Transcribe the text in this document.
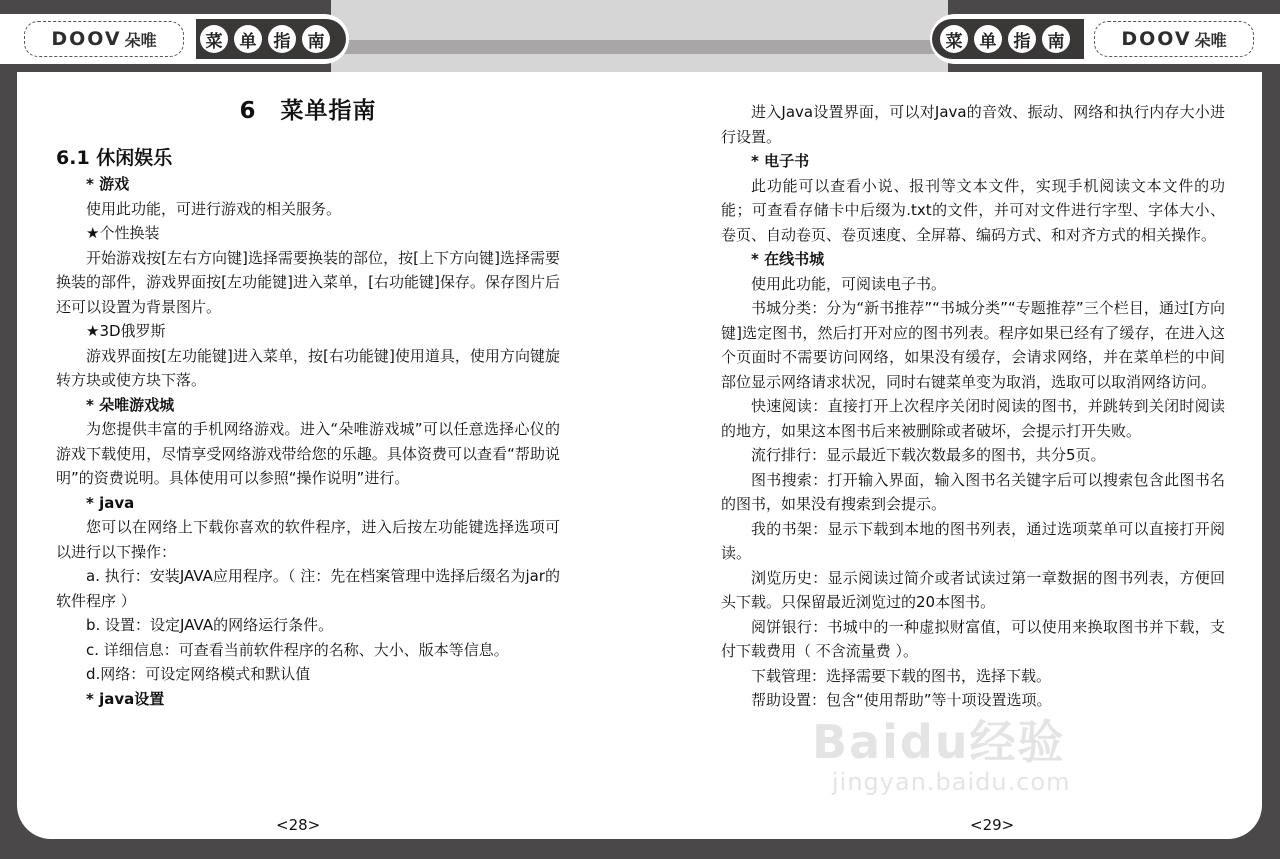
DOOV 朵唯	菜	单	指	南	菜	单	指	南	DOOV 朵唯
6　菜单指南
6.1 休闲娱乐
* 游戏

使用此功能，可进行游戏的相关服务。

★个性换装

开始游戏按[左右方向键]选择需要换装的部位，按[上下方向键]选择需要换装的部件，游戏界面按[左功能键]进入菜单，[右功能键]保存。保存图片后还可以设置为背景图片。

★3D俄罗斯

游戏界面按[左功能键]进入菜单，按[右功能键]使用道具，使用方向键旋转方块或使方块下落。

* 朵唯游戏城

为您提供丰富的手机网络游戏。进入“朵唯游戏城”可以任意选择心仪的游戏下载使用，尽情享受网络游戏带给您的乐趣。具体资费可以查看“帮助说明”的资费说明。具体使用可以参照“操作说明”进行。

* java

您可以在网络上下载你喜欢的软件程序，进入后按左功能键选择选项可以进行以下操作：

a. 执行：安装JAVA应用程序。（ 注：先在档案管理中选择后缀名为jar的软件程序 ）

b. 设置：设定JAVA的网络运行条件。

c. 详细信息：可查看当前软件程序的名称、大小、版本等信息。

d.网络：可设定网络模式和默认值

* java设置
<28>

进入Java设置界面，可以对Java的音效、振动、网络和执行内存大小进行设置。

* 电子书

此功能可以查看小说、报刊等文本文件，实现手机阅读文本文件的功能；可查看存储卡中后缀为.txt的文件，并可对文件进行字型、字体大小、卷页、自动卷页、卷页速度、全屏幕、编码方式、和对齐方式的相关操作。

* 在线书城

使用此功能，可阅读电子书。

书城分类：分为“新书推荐”“书城分类”“专题推荐”三个栏目，通过[方向键]选定图书，然后打开对应的图书列表。程序如果已经有了缓存，在进入这个页面时不需要访问网络，如果没有缓存，会请求网络，并在菜单栏的中间部位显示网络请求状况，同时右键菜单变为取消，选取可以取消网络访问。

快速阅读：直接打开上次程序关闭时阅读的图书，并跳转到关闭时阅读的地方，如果这本图书后来被删除或者破坏，会提示打开失败。

流行排行：显示最近下载次数最多的图书，共分5页。

图书搜索：打开输入界面，输入图书名关键字后可以搜索包含此图书名的图书，如果没有搜索到会提示。

我的书架：显示下载到本地的图书列表，通过选项菜单可以直接打开阅读。

浏览历史：显示阅读过简介或者试读过第一章数据的图书列表，方便回头下载。只保留最近浏览过的20本图书。

阅饼银行：书城中的一种虚拟财富值，可以使用来换取图书并下载，支付下载费用（ 不含流量费 ）。

下载管理：选择需要下载的图书，选择下载。

帮助设置：包含“使用帮助”等十项设置选项。

<29>
Baidu经验
jingyan.baidu.com
